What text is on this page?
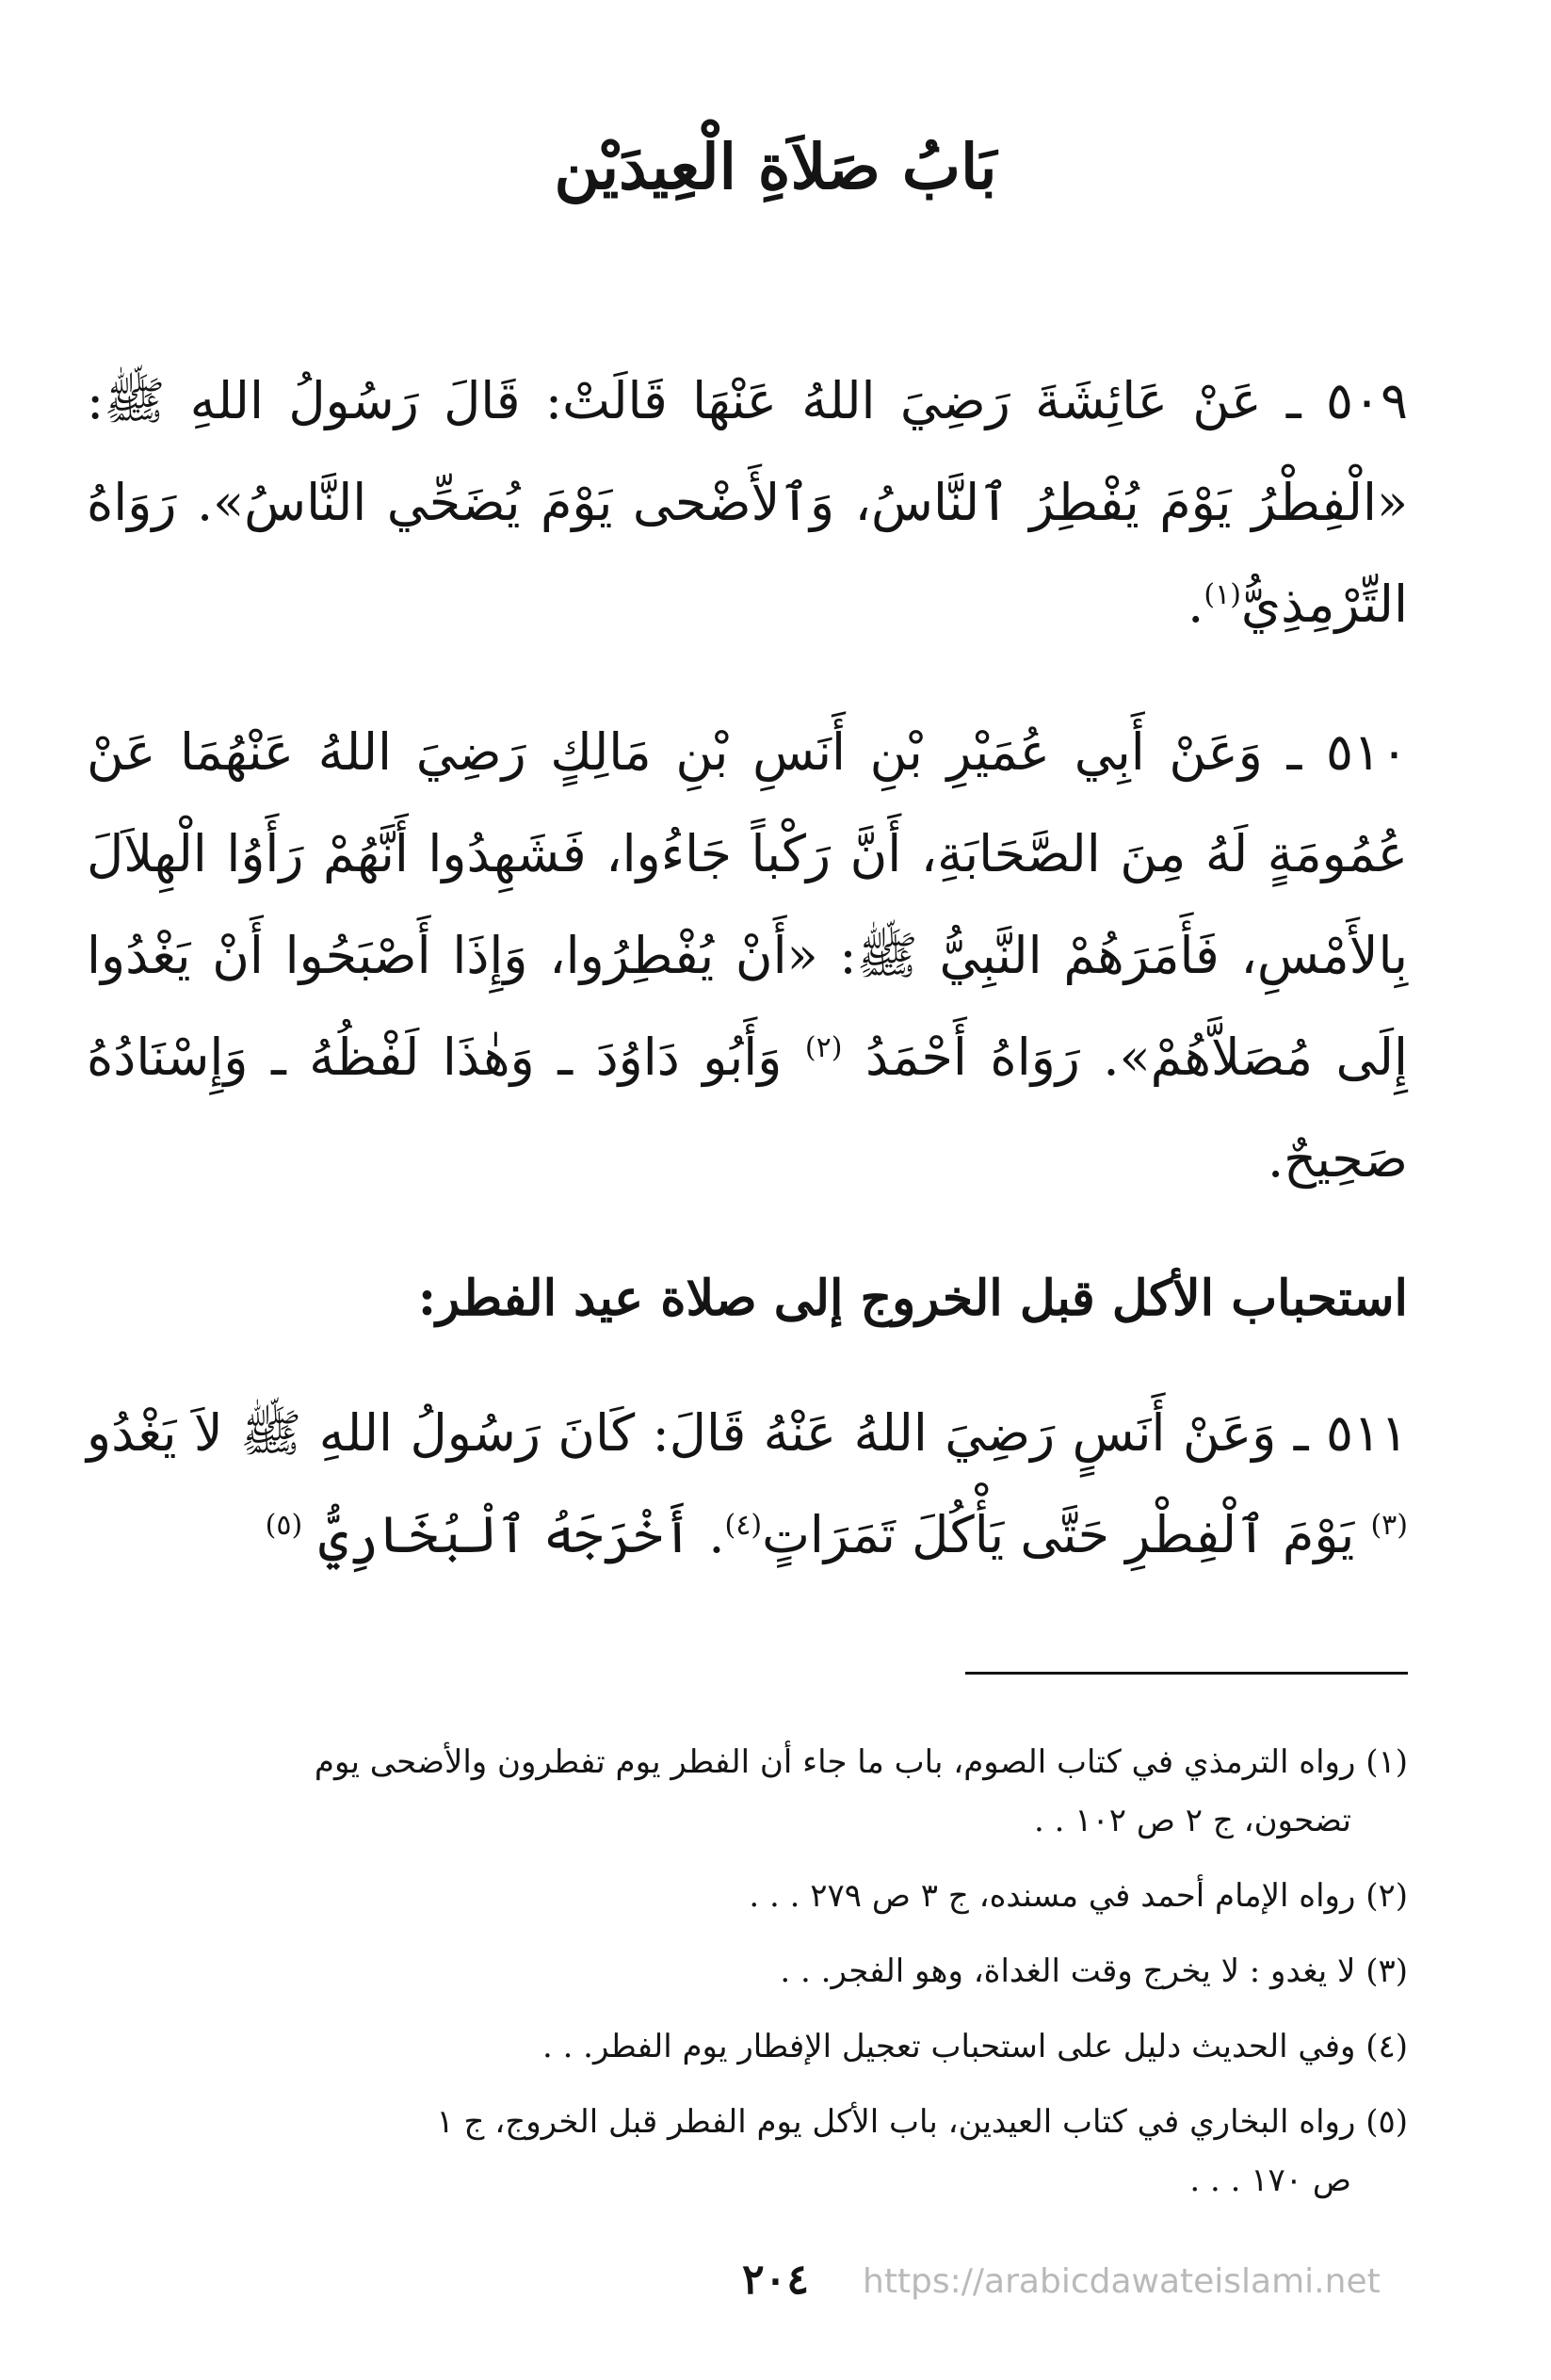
بَابُ صَلاَةِ الْعِيدَيْن

٥٠٩ ـ عَنْ عَائِشَةَ رَضِيَ اللهُ عَنْهَا قَالَتْ: قَالَ رَسُولُ اللهِ ﷺ: «الْفِطْرُ يَوْمَ يُفْطِرُ ٱلنَّاسُ، وَٱلأَضْحى يَوْمَ يُضَحِّي النَّاسُ». رَوَاهُ التِّرْمِذِيُّ$^{(١)}$.

٥١٠ ـ وَعَنْ أَبِي عُمَيْرِ بْنِ أَنَسِ بْنِ مَالِكٍ رَضِيَ اللهُ عَنْهُمَا عَنْ عُمُومَةٍ لَهُ مِنَ الصَّحَابَةِ، أَنَّ رَكْباً جَاءُوا، فَشَهِدُوا أَنَّهُمْ رَأَوُا الْهِلاَلَ بِالأَمْسِ، فَأَمَرَهُمْ النَّبِيُّ ﷺ: «أَنْ يُفْطِرُوا، وَإِذَا أَصْبَحُوا أَنْ يَغْدُوا إِلَى مُصَلاَّهُمْ». رَوَاهُ أَحْمَدُ $^{(٢)}$ وَأَبُو دَاوُدَ ـ وَهٰذَا لَفْظُهُ ـ وَإِسْنَادُهُ صَحِيحٌ.

استحباب الأكل قبل الخروج إلى صلاة عيد الفطر:

٥١١ ـ وَعَنْ أَنَسٍ رَضِيَ اللهُ عَنْهُ قَالَ: كَانَ رَسُولُ اللهِ ﷺ لاَ يَغْدُو $^{(٣)}$ يَوْمَ ٱلْفِطْرِ حَتَّى يَأْكُلَ تَمَرَاتٍ$^{(٤)}$. أَخْرَجَهُ ٱلْبُخَارِيُّ $^{(٥)}$

(١) رواه الترمذي في كتاب الصوم، باب ما جاء أن الفطر يوم تفطرون والأضحى يوم
تضحون، ج ٢ ص ١٠٢ . .
(٢) رواه الإمام أحمد في مسنده، ج ٣ ص ٢٧٩ . . .
(٣) لا يغدو : لا يخرج وقت الغداة، وهو الفجر. . .
(٤) وفي الحديث دليل على استحباب تعجيل الإفطار يوم الفطر. . .
(٥) رواه البخاري في كتاب العيدين، باب الأكل يوم الفطر قبل الخروج، ج ١
ص ١٧٠ . . .
٢٠٤	https://arabicdawateislami.net
